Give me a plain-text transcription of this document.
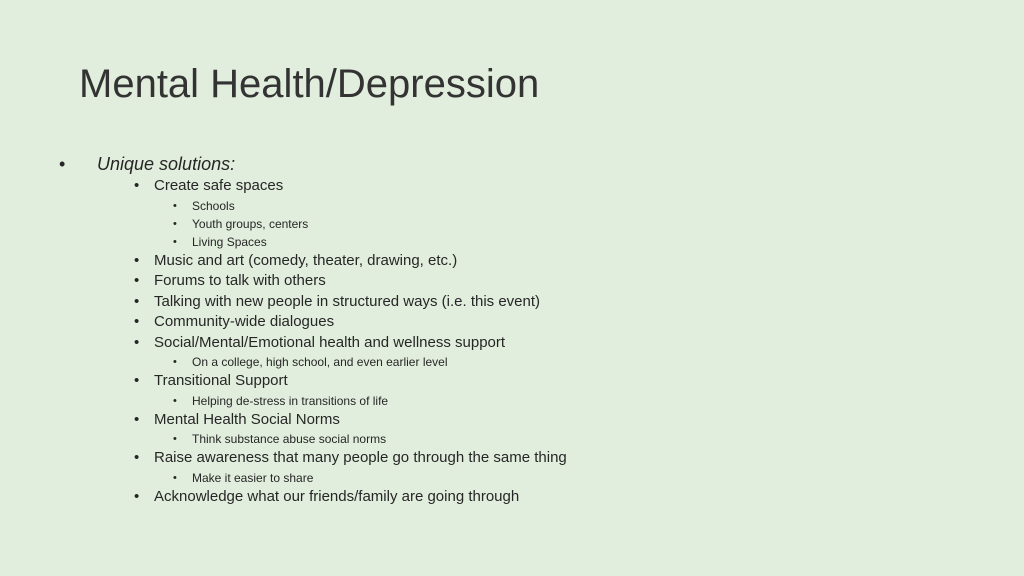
Mental Health/Depression
• Unique solutions:
• Create safe spaces
• Schools
• Youth groups, centers
• Living Spaces
• Music and art (comedy, theater, drawing, etc.)
• Forums to talk with others
• Talking with new people in structured ways (i.e. this event)
• Community-wide dialogues
• Social/Mental/Emotional health and wellness support
• On a college, high school, and even earlier level
• Transitional Support
• Helping de-stress in transitions of life
• Mental Health Social Norms
• Think substance abuse social norms
• Raise awareness that many people go through the same thing
• Make it easier to share
• Acknowledge what our friends/family are going through
